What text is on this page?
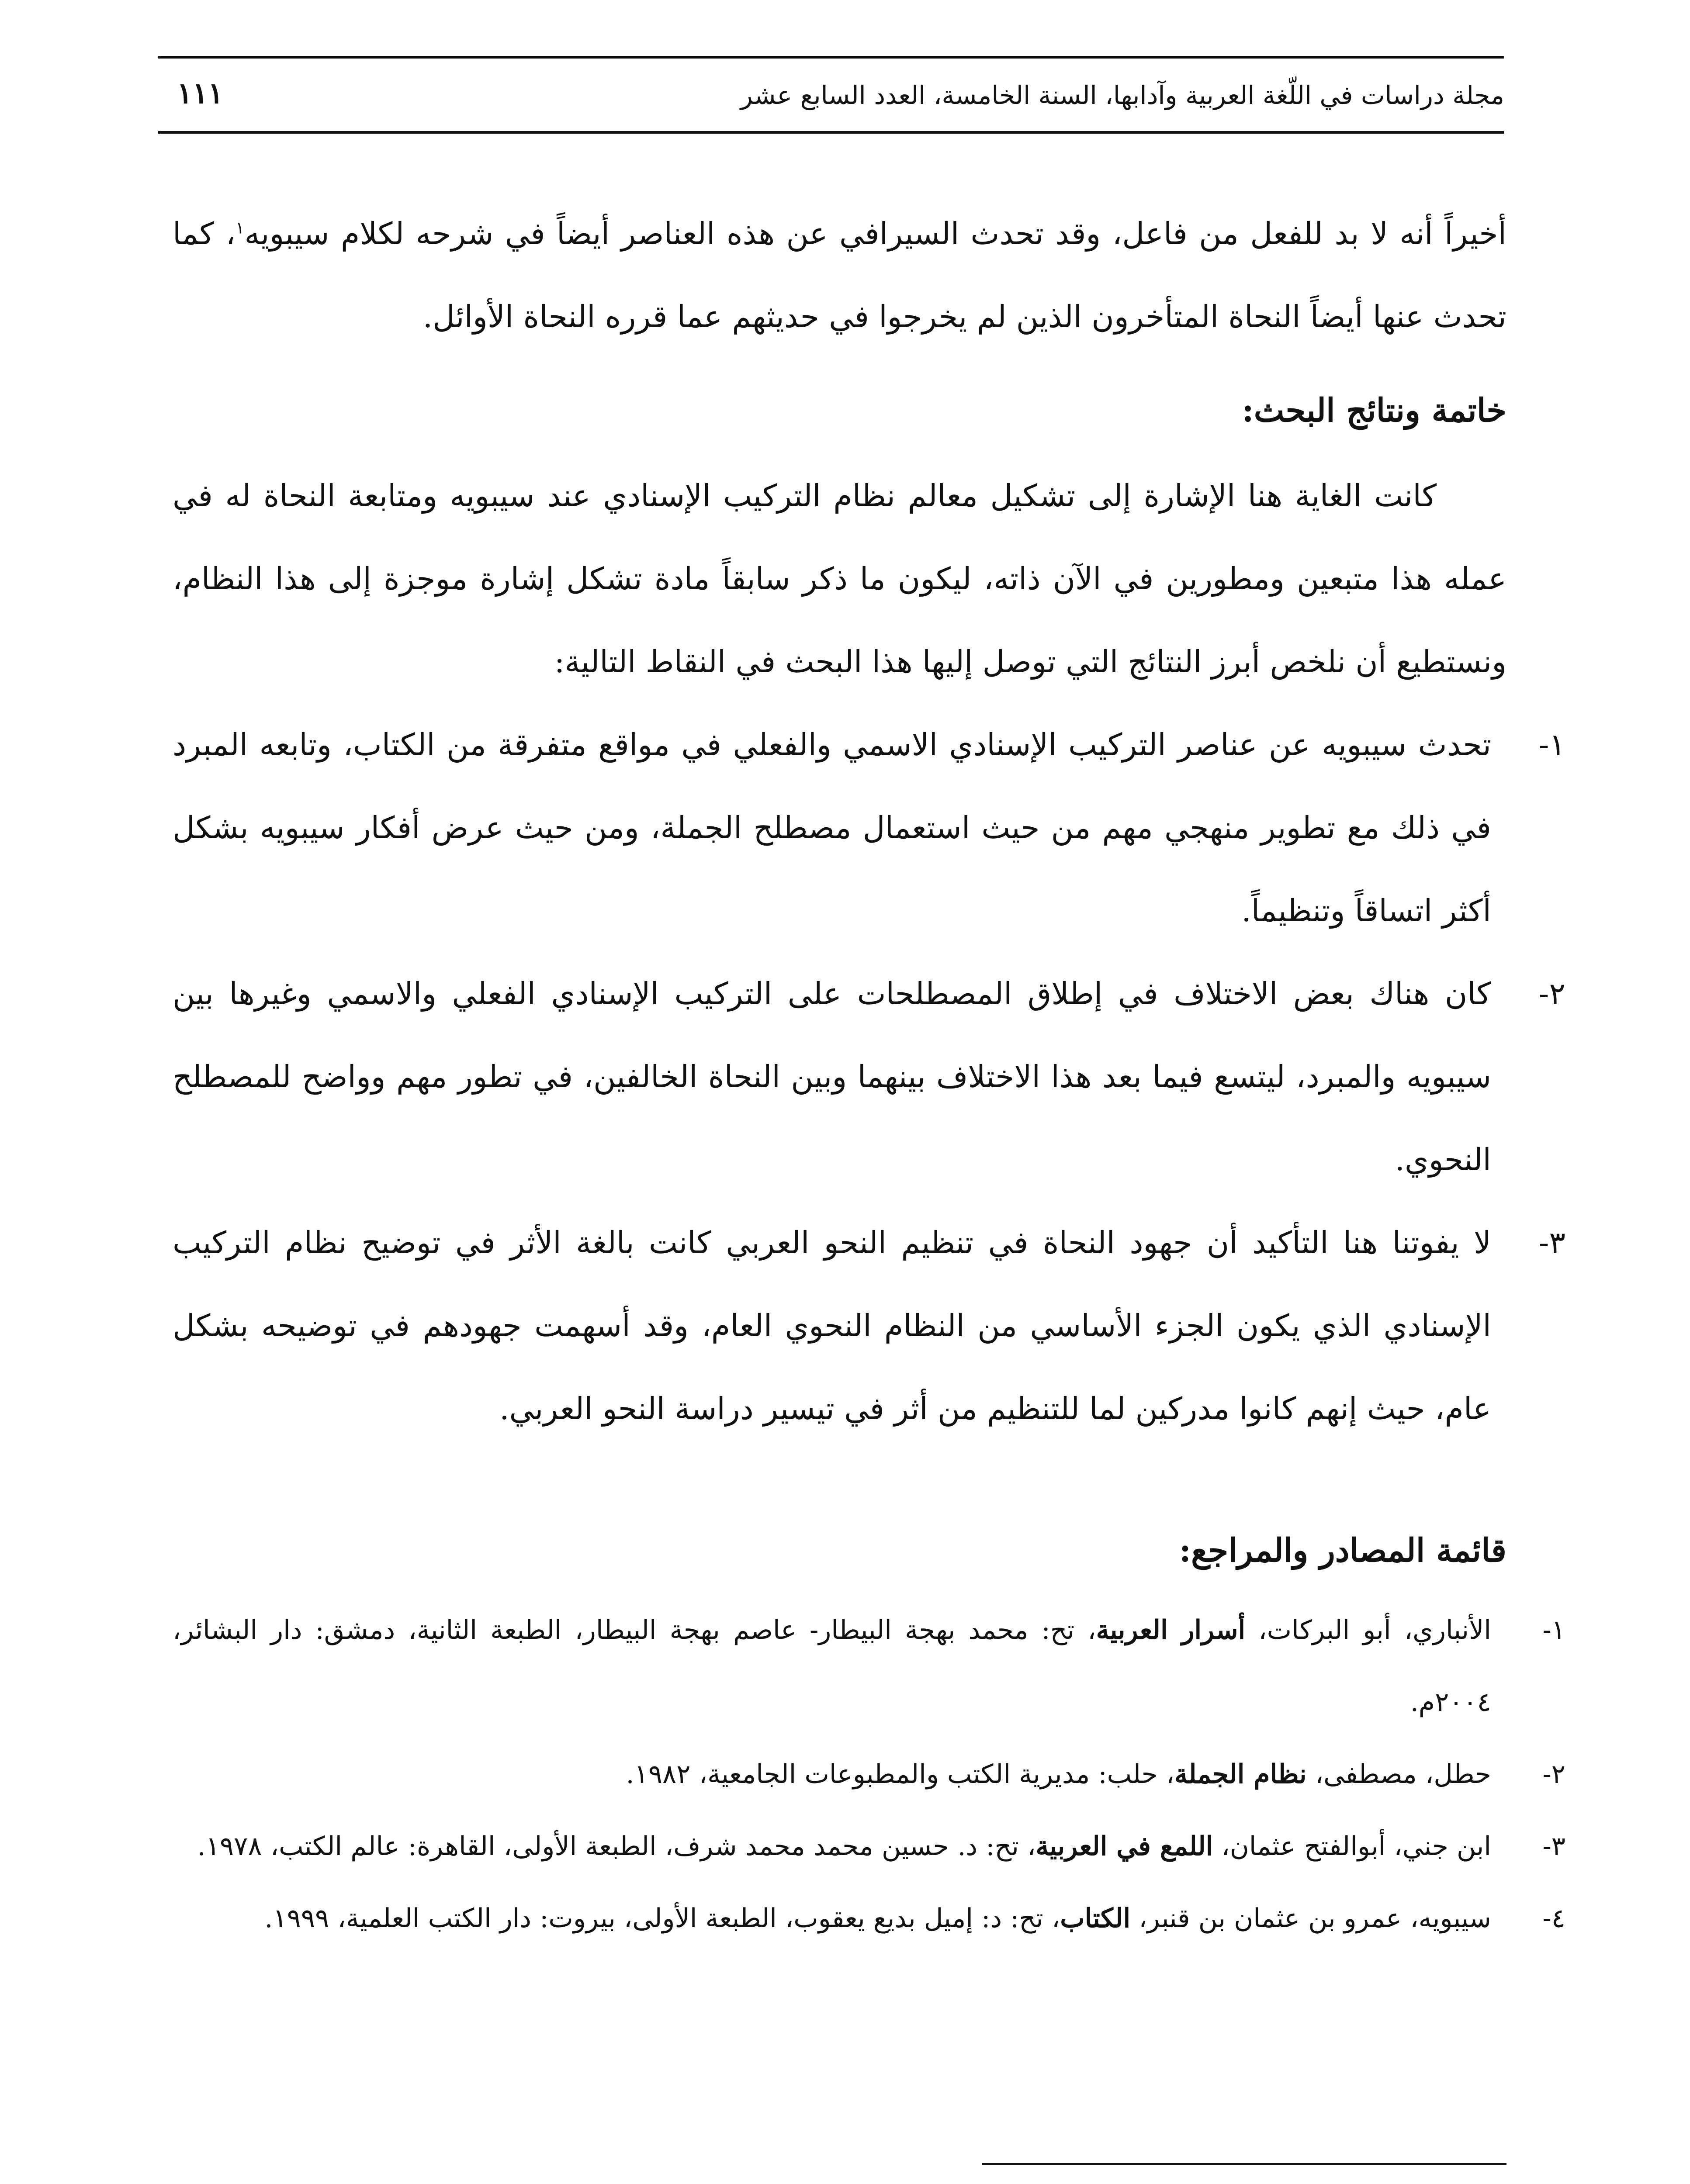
مجلة دراسات في اللّغة العربية وآدابها، السنة الخامسة، العدد السابع عشر
١١١

أخيراً أنه لا بد للفعل من فاعل، وقد تحدث السيرافي عن هذه العناصر أيضاً في شرحه لكلام سيبويه$^١$، كما تحدث عنها أيضاً النحاة المتأخرون الذين لم يخرجوا في حديثهم عما قرره النحاة الأوائل.

خاتمة ونتائج البحث:

كانت الغاية هنا الإشارة إلى تشكيل معالم نظام التركيب الإسنادي عند سيبويه ومتابعة النحاة له في عمله هذا متبعين ومطورين في الآن ذاته، ليكون ما ذكر سابقاً مادة تشكل إشارة موجزة إلى هذا النظام، ونستطيع أن نلخص أبرز النتائج التي توصل إليها هذا البحث في النقاط التالية:

١-
تحدث سيبويه عن عناصر التركيب الإسنادي الاسمي والفعلي في مواقع متفرقة من الكتاب، وتابعه المبرد في ذلك مع تطوير منهجي مهم من حيث استعمال مصطلح الجملة، ومن حيث عرض أفكار سيبويه بشكل أكثر اتساقاً وتنظيماً.

٢-
كان هناك بعض الاختلاف في إطلاق المصطلحات على التركيب الإسنادي الفعلي والاسمي وغيرها بين سيبويه والمبرد، ليتسع فيما بعد هذا الاختلاف بينهما وبين النحاة الخالفين، في تطور مهم وواضح للمصطلح النحوي.

٣-
لا يفوتنا هنا التأكيد أن جهود النحاة في تنظيم النحو العربي كانت بالغة الأثر في توضيح نظام التركيب الإسنادي الذي يكون الجزء الأساسي من النظام النحوي العام، وقد أسهمت جهودهم في توضيحه بشكل عام، حيث إنهم كانوا مدركين لما للتنظيم من أثر في تيسير دراسة النحو العربي.

قائمة المصادر والمراجع:

١-
الأنباري، أبو البركات، أسرار العربية، تح: محمد بهجة البيطار- عاصم بهجة البيطار، الطبعة الثانية، دمشق: دار البشائر، ٢٠٠٤م.

٢-
حطل، مصطفى، نظام الجملة، حلب: مديرية الكتب والمطبوعات الجامعية، ١٩٨٢.

٣-
ابن جني، أبوالفتح عثمان، اللمع في العربية، تح: د. حسين محمد محمد شرف، الطبعة الأولى، القاهرة: عالم الكتب، ١٩٧٨.

٤-
سيبويه، عمرو بن عثمان بن قنبر، الكتاب، تح: د: إميل بديع يعقوب، الطبعة الأولى، بيروت: دار الكتب العلمية، ١٩٩٩.
